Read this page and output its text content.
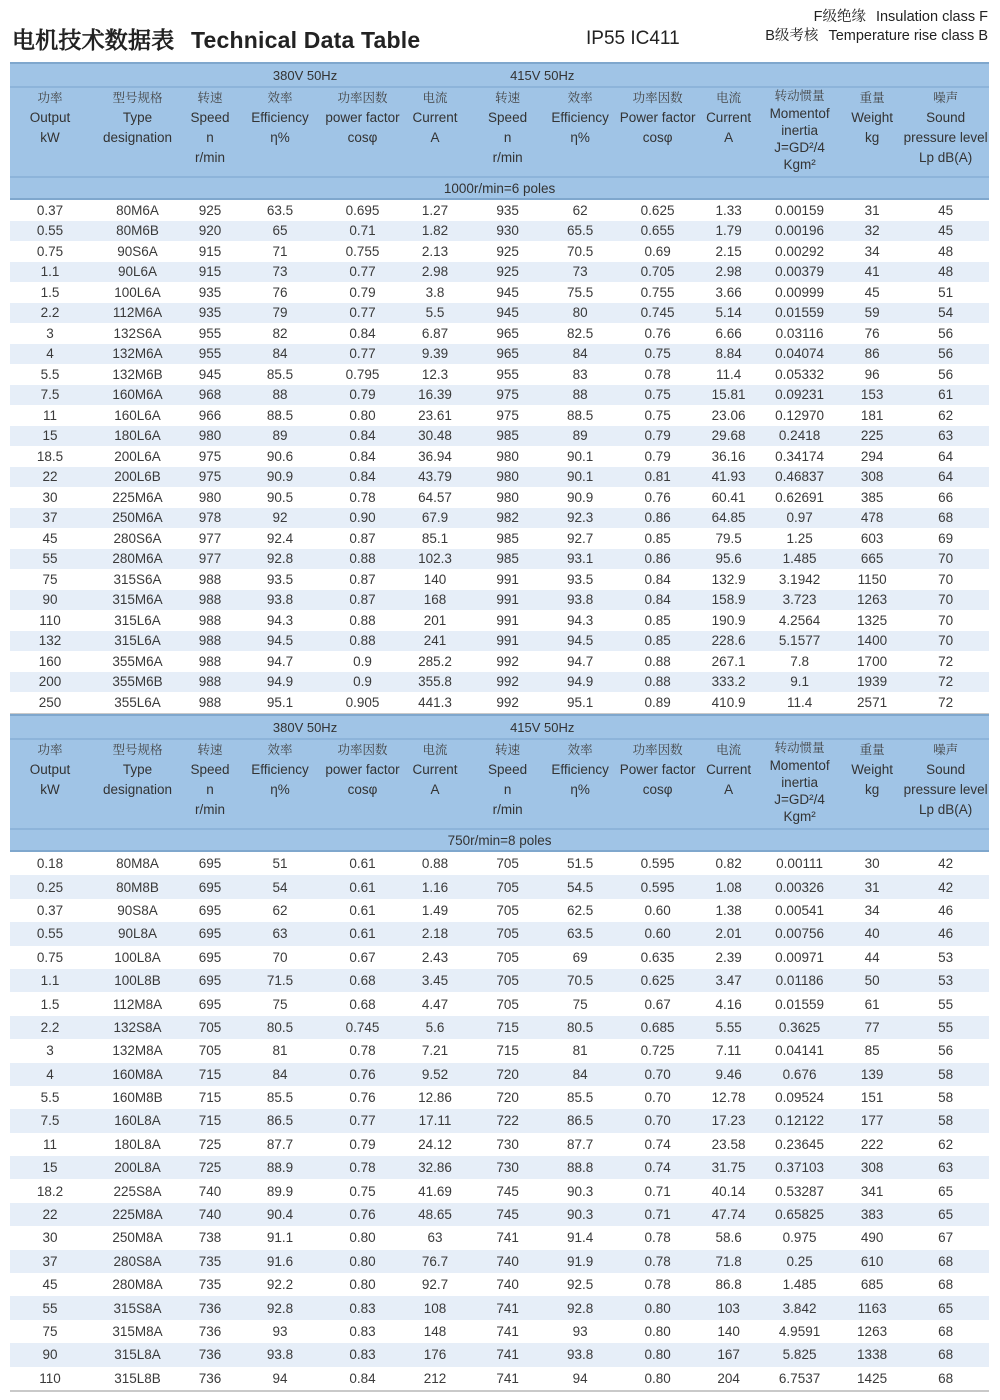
电机技术数据表 Technical Data Table	IP55 IC411
F级绝缘 Insulation class F
B级考核 Temperature rise class B
380V 50Hz						415V 50Hz						

功率
Output
kW	型号规格
Type
designation	转速
Speed
n
r/min	效率
Efficiency
η%	功率因数
power factor
cosφ	电流
Current
A	转速
Speed
n
r/min	效率
Efficiency
η%	功率因数
Power factor
cosφ	电流
Current
A	转动惯量
Momentof
inertia
J=GD²/4
Kgm²	重量
Weight
kg	噪声
Sound
pressure level
Lp dB(A)

1000r/min=6 poles												
0.37	80M6A	925	63.5	0.695	1.27	935	62	0.625	1.33	0.00159	31	45
0.55	80M6B	920	65	0.71	1.82	930	65.5	0.655	1.79	0.00196	32	45
0.75	90S6A	915	71	0.755	2.13	925	70.5	0.69	2.15	0.00292	34	48
1.1	90L6A	915	73	0.77	2.98	925	73	0.705	2.98	0.00379	41	48
1.5	100L6A	935	76	0.79	3.8	945	75.5	0.755	3.66	0.00999	45	51
2.2	112M6A	935	79	0.77	5.5	945	80	0.745	5.14	0.01559	59	54
3	132S6A	955	82	0.84	6.87	965	82.5	0.76	6.66	0.03116	76	56
4	132M6A	955	84	0.77	9.39	965	84	0.75	8.84	0.04074	86	56
5.5	132M6B	945	85.5	0.795	12.3	955	83	0.78	11.4	0.05332	96	56
7.5	160M6A	968	88	0.79	16.39	975	88	0.75	15.81	0.09231	153	61
11	160L6A	966	88.5	0.80	23.61	975	88.5	0.75	23.06	0.12970	181	62
15	180L6A	980	89	0.84	30.48	985	89	0.79	29.68	0.2418	225	63
18.5	200L6A	975	90.6	0.84	36.94	980	90.1	0.79	36.16	0.34174	294	64
22	200L6B	975	90.9	0.84	43.79	980	90.1	0.81	41.93	0.46837	308	64
30	225M6A	980	90.5	0.78	64.57	980	90.9	0.76	60.41	0.62691	385	66
37	250M6A	978	92	0.90	67.9	982	92.3	0.86	64.85	0.97	478	68
45	280S6A	977	92.4	0.87	85.1	985	92.7	0.85	79.5	1.25	603	69
55	280M6A	977	92.8	0.88	102.3	985	93.1	0.86	95.6	1.485	665	70
75	315S6A	988	93.5	0.87	140	991	93.5	0.84	132.9	3.1942	1150	70
90	315M6A	988	93.8	0.87	168	991	93.8	0.84	158.9	3.723	1263	70
110	315L6A	988	94.3	0.88	201	991	94.3	0.85	190.9	4.2564	1325	70
132	315L6A	988	94.5	0.88	241	991	94.5	0.85	228.6	5.1577	1400	70
160	355M6A	988	94.7	0.9	285.2	992	94.7	0.88	267.1	7.8	1700	72
200	355M6B	988	94.9	0.9	355.8	992	94.9	0.88	333.2	9.1	1939	72
250	355L6A	988	95.1	0.905	441.3	992	95.1	0.89	410.9	11.4	2571	72
380V 50Hz						415V 50Hz						

功率
Output
kW	型号规格
Type
designation	转速
Speed
n
r/min	效率
Efficiency
η%	功率因数
power factor
cosφ	电流
Current
A	转速
Speed
n
r/min	效率
Efficiency
η%	功率因数
Power factor
cosφ	电流
Current
A	转动惯量
Momentof
inertia
J=GD²/4
Kgm²	重量
Weight
kg	噪声
Sound
pressure level
Lp dB(A)

750r/min=8 poles												
0.18	80M8A	695	51	0.61	0.88	705	51.5	0.595	0.82	0.00111	30	42
0.25	80M8B	695	54	0.61	1.16	705	54.5	0.595	1.08	0.00326	31	42
0.37	90S8A	695	62	0.61	1.49	705	62.5	0.60	1.38	0.00541	34	46
0.55	90L8A	695	63	0.61	2.18	705	63.5	0.60	2.01	0.00756	40	46
0.75	100L8A	695	70	0.67	2.43	705	69	0.635	2.39	0.00971	44	53
1.1	100L8B	695	71.5	0.68	3.45	705	70.5	0.625	3.47	0.01186	50	53
1.5	112M8A	695	75	0.68	4.47	705	75	0.67	4.16	0.01559	61	55
2.2	132S8A	705	80.5	0.745	5.6	715	80.5	0.685	5.55	0.3625	77	55
3	132M8A	705	81	0.78	7.21	715	81	0.725	7.11	0.04141	85	56
4	160M8A	715	84	0.76	9.52	720	84	0.70	9.46	0.676	139	58
5.5	160M8B	715	85.5	0.76	12.86	720	85.5	0.70	12.78	0.09524	151	58
7.5	160L8A	715	86.5	0.77	17.11	722	86.5	0.70	17.23	0.12122	177	58
11	180L8A	725	87.7	0.79	24.12	730	87.7	0.74	23.58	0.23645	222	62
15	200L8A	725	88.9	0.78	32.86	730	88.8	0.74	31.75	0.37103	308	63
18.2	225S8A	740	89.9	0.75	41.69	745	90.3	0.71	40.14	0.53287	341	65
22	225M8A	740	90.4	0.76	48.65	745	90.3	0.71	47.74	0.65825	383	65
30	250M8A	738	91.1	0.80	63	741	91.4	0.78	58.6	0.975	490	67
37	280S8A	735	91.6	0.80	76.7	740	91.9	0.78	71.8	0.25	610	68
45	280M8A	735	92.2	0.80	92.7	740	92.5	0.78	86.8	1.485	685	68
55	315S8A	736	92.8	0.83	108	741	92.8	0.80	103	3.842	1163	65
75	315M8A	736	93	0.83	148	741	93	0.80	140	4.9591	1263	68
90	315L8A	736	93.8	0.83	176	741	93.8	0.80	167	5.825	1338	68
110	315L8B	736	94	0.84	212	741	94	0.80	204	6.7537	1425	68
